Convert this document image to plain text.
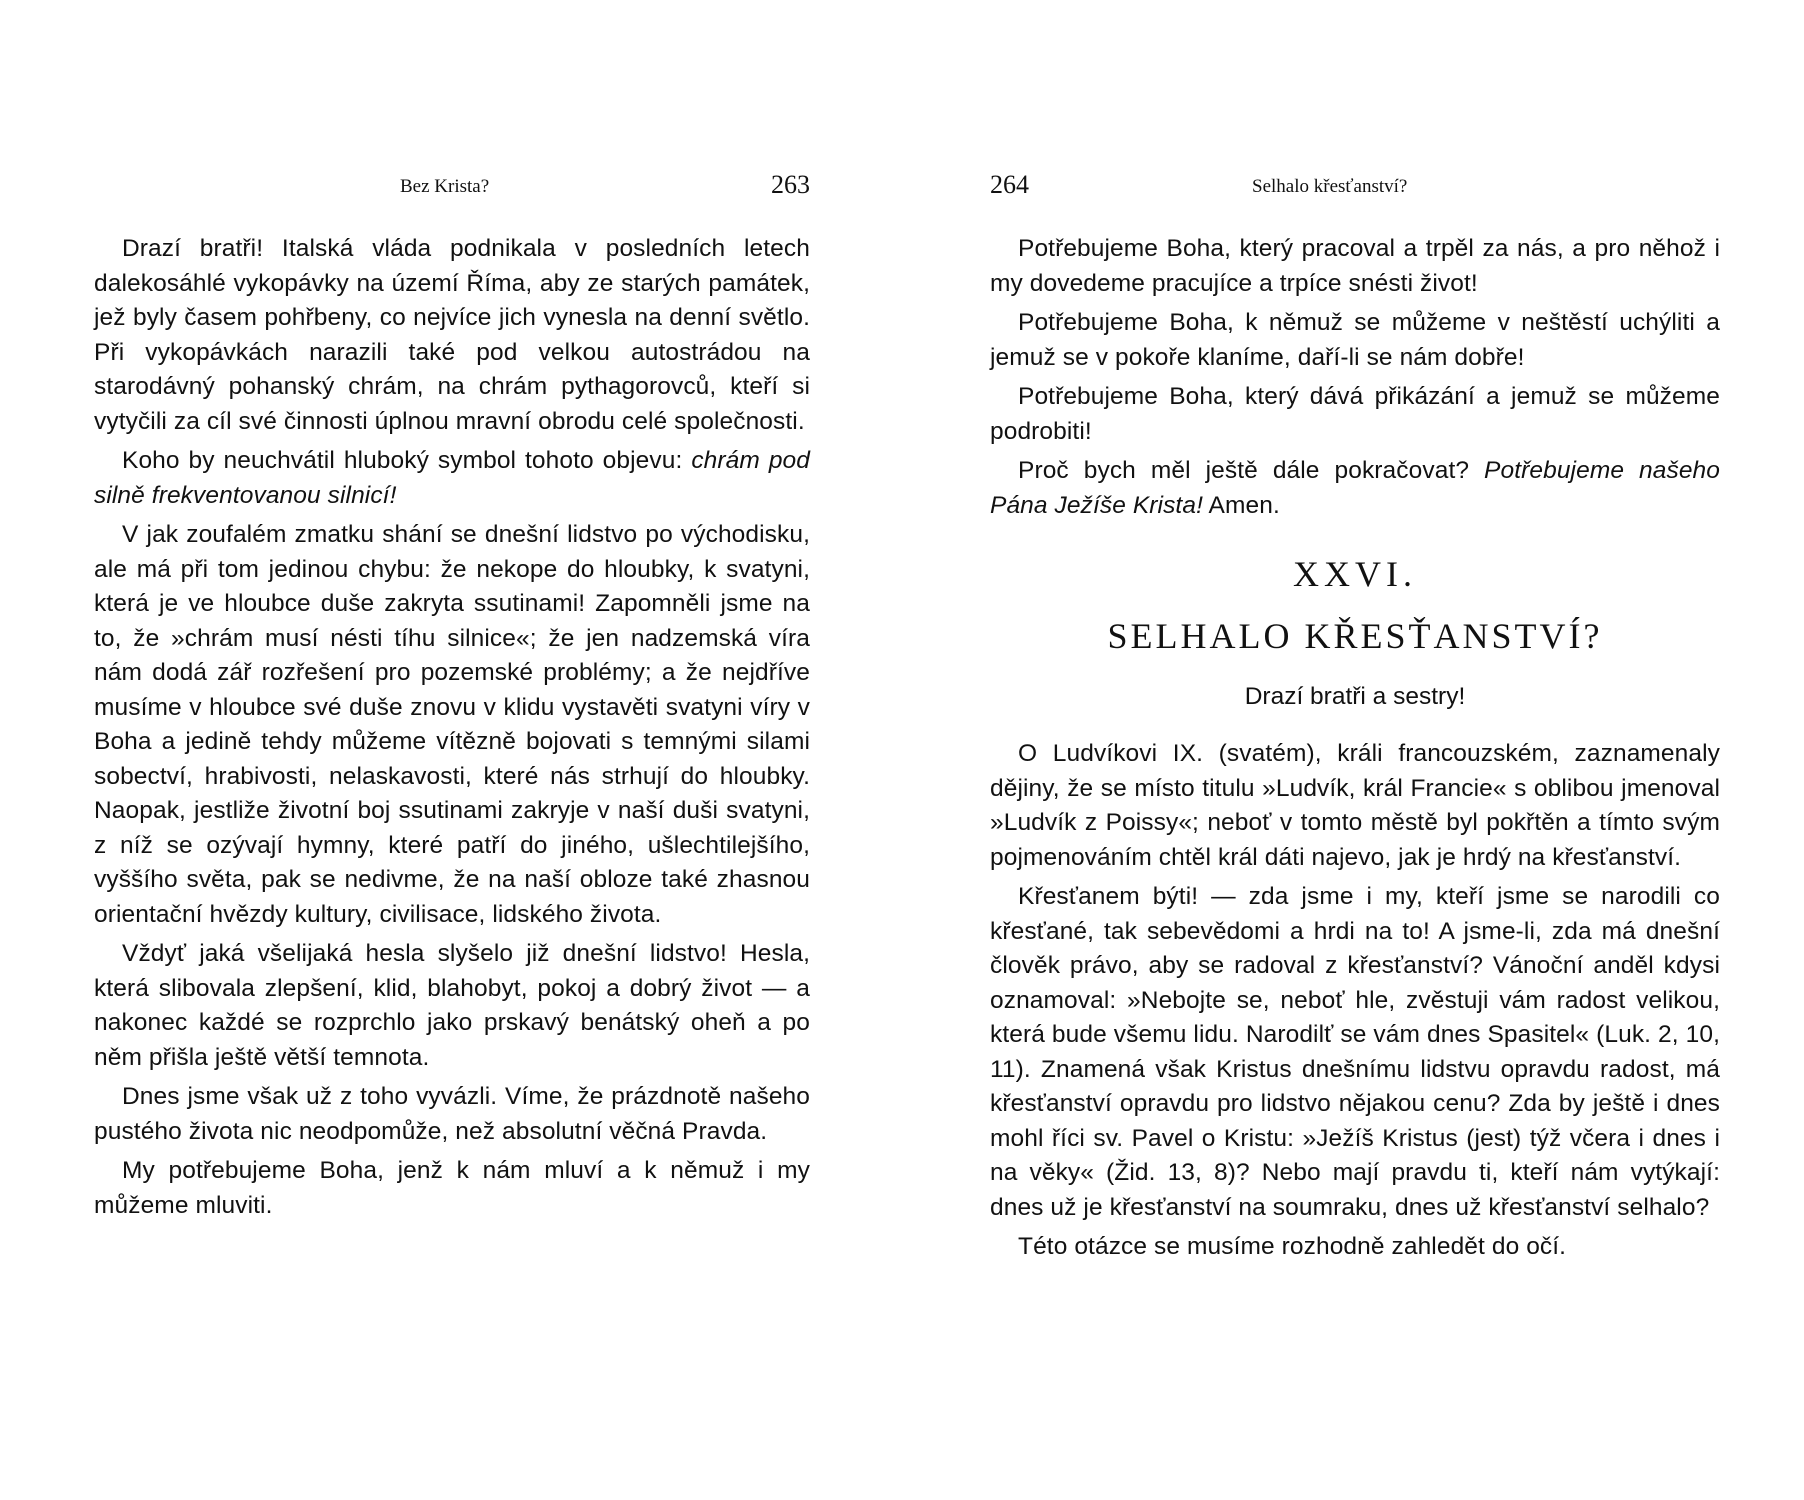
Bez Krista?	263

Drazí bratři! Italská vláda podnikala v posledních letech dalekosáhlé vykopávky na území Říma, aby ze starých památek, jež byly časem pohřbeny, co nejvíce jich vynesla na denní světlo. Při vykopávkách narazili také pod velkou autostrádou na starodávný pohanský chrám, na chrám pythagorovců, kteří si vytyčili za cíl své činnosti úplnou mravní obrodu celé společnosti.

Koho by neuchvátil hluboký symbol tohoto objevu: chrám pod silně frekventovanou silnicí!

V jak zoufalém zmatku shání se dnešní lidstvo po východisku, ale má při tom jedinou chybu: že nekope do hloubky, k svatyni, která je ve hloubce duše zakryta ssutinami! Zapomněli jsme na to, že »chrám musí nésti tíhu silnice«; že jen nadzemská víra nám dodá zář rozřešení pro pozemské problémy; a že nejdříve musíme v hloubce své duše znovu v klidu vystavěti svatyni víry v Boha a jedině tehdy můžeme vítězně bojovati s temnými silami sobectví, hrabivosti, nelaskavosti, které nás strhují do hloubky. Naopak, jestliže životní boj ssutinami zakryje v naší duši svatyni, z níž se ozývají hymny, které patří do jiného, ušlechtilejšího, vyššího světa, pak se nedivme, že na naší obloze také zhasnou orientační hvězdy kultury, civilisace, lidského života.

Vždyť jaká všelijaká hesla slyšelo již dnešní lidstvo! Hesla, která slibovala zlepšení, klid, blahobyt, pokoj a dobrý život — a nakonec každé se rozprchlo jako prskavý benátský oheň a po něm přišla ještě větší temnota.

Dnes jsme však už z toho vyvázli. Víme, že prázdnotě našeho pustého života nic neodpomůže, než absolutní věčná Pravda.

My potřebujeme Boha, jenž k nám mluví a k němuž i my můžeme mluviti.

264	Selhalo křesťanství?

Potřebujeme Boha, který pracoval a trpěl za nás, a pro něhož i my dovedeme pracujíce a trpíce snésti život!

Potřebujeme Boha, k němuž se můžeme v neštěstí uchýliti a jemuž se v pokoře klaníme, daří-li se nám dobře!

Potřebujeme Boha, který dává přikázání a jemuž se můžeme podrobiti!

Proč bych měl ještě dále pokračovat? Potřebujeme našeho Pána Ježíše Krista! Amen.

XXVI.
SELHALO KŘESŤANSTVÍ?
Drazí bratři a sestry!

O Ludvíkovi IX. (svatém), králi francouzském, zaznamenaly dějiny, že se místo titulu »Ludvík, král Francie« s oblibou jmenoval »Ludvík z Poissy«; neboť v tomto městě byl pokřtěn a tímto svým pojmenováním chtěl král dáti najevo, jak je hrdý na křesťanství.

Křesťanem býti! — zda jsme i my, kteří jsme se narodili co křesťané, tak sebevědomi a hrdi na to! A jsme-li, zda má dnešní člověk právo, aby se radoval z křesťanství? Vánoční anděl kdysi oznamoval: »Nebojte se, neboť hle, zvěstuji vám radost velikou, která bude všemu lidu. Narodilť se vám dnes Spasitel« (Luk. 2, 10, 11). Znamená však Kristus dnešnímu lidstvu opravdu radost, má křesťanství opravdu pro lidstvo nějakou cenu? Zda by ještě i dnes mohl říci sv. Pavel o Kristu: »Ježíš Kristus (jest) týž včera i dnes i na věky« (Žid. 13, 8)? Nebo mají pravdu ti, kteří nám vytýkají: dnes už je křesťanství na soumraku, dnes už křesťanství selhalo?

Této otázce se musíme rozhodně zahledět do očí.
